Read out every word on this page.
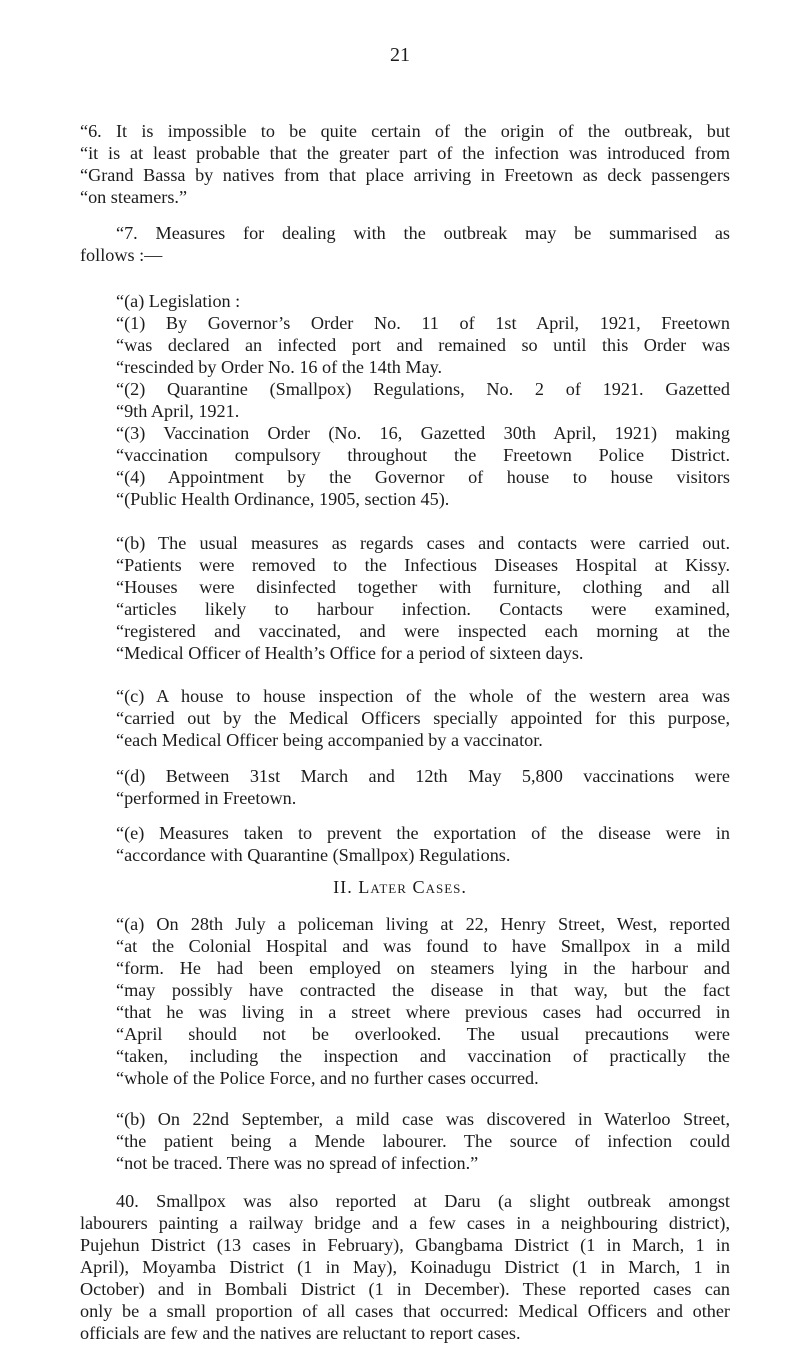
21
“6. It is impossible to be quite certain of the origin of the outbreak, but
“it is at least probable that the greater part of the infection was introduced from
“Grand Bassa by natives from that place arriving in Freetown as deck passengers
“on steamers.”
“7. Measures for dealing with the outbreak may be summarised as
follows :—
“(a) Legislation :
“(1) By Governor’s Order No. 11 of 1st April, 1921, Freetown
“was declared an infected port and remained so until this Order was
“rescinded by Order No. 16 of the 14th May.
“(2) Quarantine (Smallpox) Regulations, No. 2 of 1921. Gazetted
“9th April, 1921.
“(3) Vaccination Order (No. 16, Gazetted 30th April, 1921) making
“vaccination compulsory throughout the Freetown Police District.
“(4) Appointment by the Governor of house to house visitors
“(Public Health Ordinance, 1905, section 45).
“(b) The usual measures as regards cases and contacts were carried out.
“Patients were removed to the Infectious Diseases Hospital at Kissy.
“Houses were disinfected together with furniture, clothing and all
“articles likely to harbour infection. Contacts were examined,
“registered and vaccinated, and were inspected each morning at the
“Medical Officer of Health’s Office for a period of sixteen days.
“(c) A house to house inspection of the whole of the western area was
“carried out by the Medical Officers specially appointed for this purpose,
“each Medical Officer being accompanied by a vaccinator.
“(d) Between 31st March and 12th May 5,800 vaccinations were
“performed in Freetown.
“(e) Measures taken to prevent the exportation of the disease were in
“accordance with Quarantine (Smallpox) Regulations.
II. Later Cases.
“(a) On 28th July a policeman living at 22, Henry Street, West, reported
“at the Colonial Hospital and was found to have Smallpox in a mild
“form. He had been employed on steamers lying in the harbour and
“may possibly have contracted the disease in that way, but the fact
“that he was living in a street where previous cases had occurred in
“April should not be overlooked. The usual precautions were
“taken, including the inspection and vaccination of practically the
“whole of the Police Force, and no further cases occurred.
“(b) On 22nd September, a mild case was discovered in Waterloo Street,
“the patient being a Mende labourer. The source of infection could
“not be traced. There was no spread of infection.”
40. Smallpox was also reported at Daru (a slight outbreak amongst
labourers painting a railway bridge and a few cases in a neighbouring district),
Pujehun District (13 cases in February), Gbangbama District (1 in March, 1 in
April), Moyamba District (1 in May), Koinadugu District (1 in March, 1 in
October) and in Bombali District (1 in December). These reported cases can
only be a small proportion of all cases that occurred: Medical Officers and other
officials are few and the natives are reluctant to report cases.
